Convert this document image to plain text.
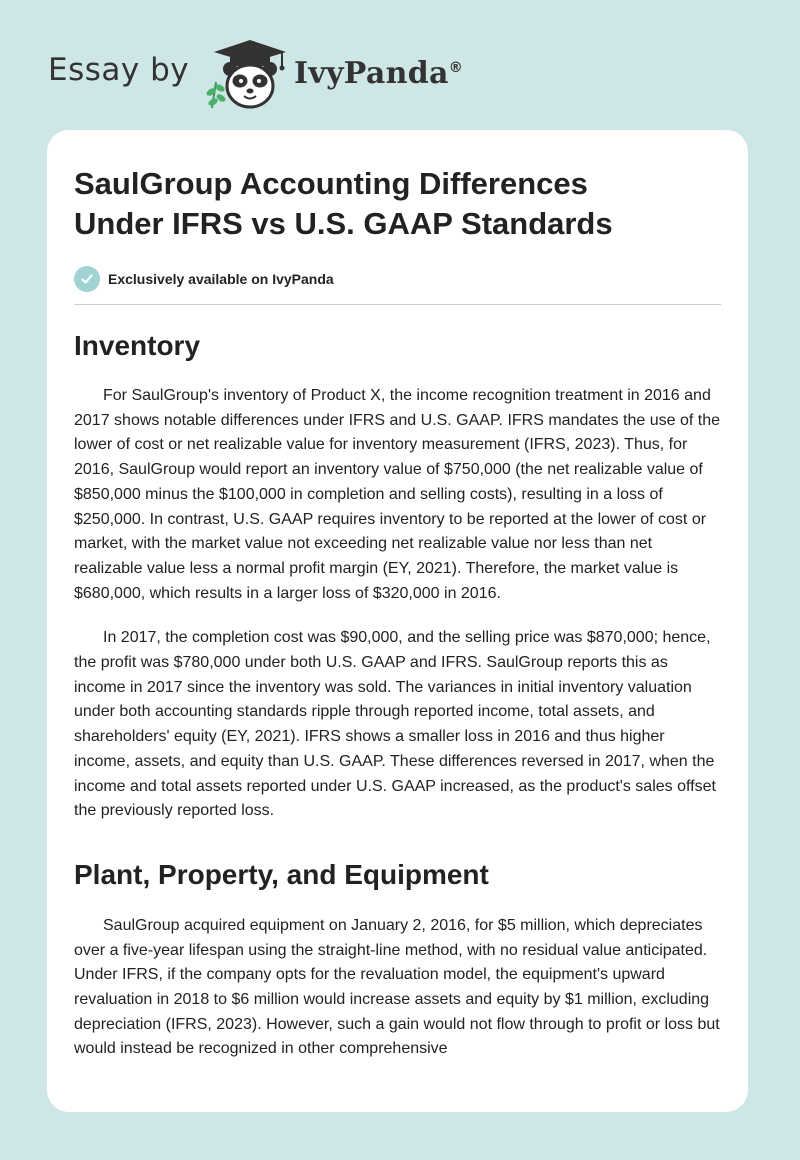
Essay by	IvyPanda®
SaulGroup Accounting Differences
Under IFRS vs U.S. GAAP Standards
Exclusively available on IvyPanda
Inventory

For SaulGroup's inventory of Product X, the income recognition treatment in 2016 and 2017 shows notable differences under IFRS and U.S. GAAP. IFRS mandates the use of the lower of cost or net realizable value for inventory measurement (IFRS, 2023). Thus, for 2016, SaulGroup would report an inventory value of $750,000 (the net realizable value of $850,000 minus the $100,000 in completion and selling costs), resulting in a loss of $250,000. In contrast, U.S. GAAP requires inventory to be reported at the lower of cost or market, with the market value not exceeding net realizable value nor less than net realizable value less a normal profit margin (EY, 2021). Therefore, the market value is $680,000, which results in a larger loss of $320,000 in 2016.

In 2017, the completion cost was $90,000, and the selling price was $870,000; hence, the profit was $780,000 under both U.S. GAAP and IFRS. SaulGroup reports this as income in 2017 since the inventory was sold. The variances in initial inventory valuation under both accounting standards ripple through reported income, total assets, and shareholders' equity (EY, 2021). IFRS shows a smaller loss in 2016 and thus higher income, assets, and equity than U.S. GAAP. These differences reversed in 2017, when the income and total assets reported under U.S. GAAP increased, as the product's sales offset the previously reported loss.

Plant, Property, and Equipment

SaulGroup acquired equipment on January 2, 2016, for $5 million, which depreciates over a five-year lifespan using the straight-line method, with no residual value anticipated. Under IFRS, if the company opts for the revaluation model, the equipment's upward revaluation in 2018 to $6 million would increase assets and equity by $1 million, excluding depreciation (IFRS, 2023). However, such a gain would not flow through to profit or loss but would instead be recognized in other comprehensive
